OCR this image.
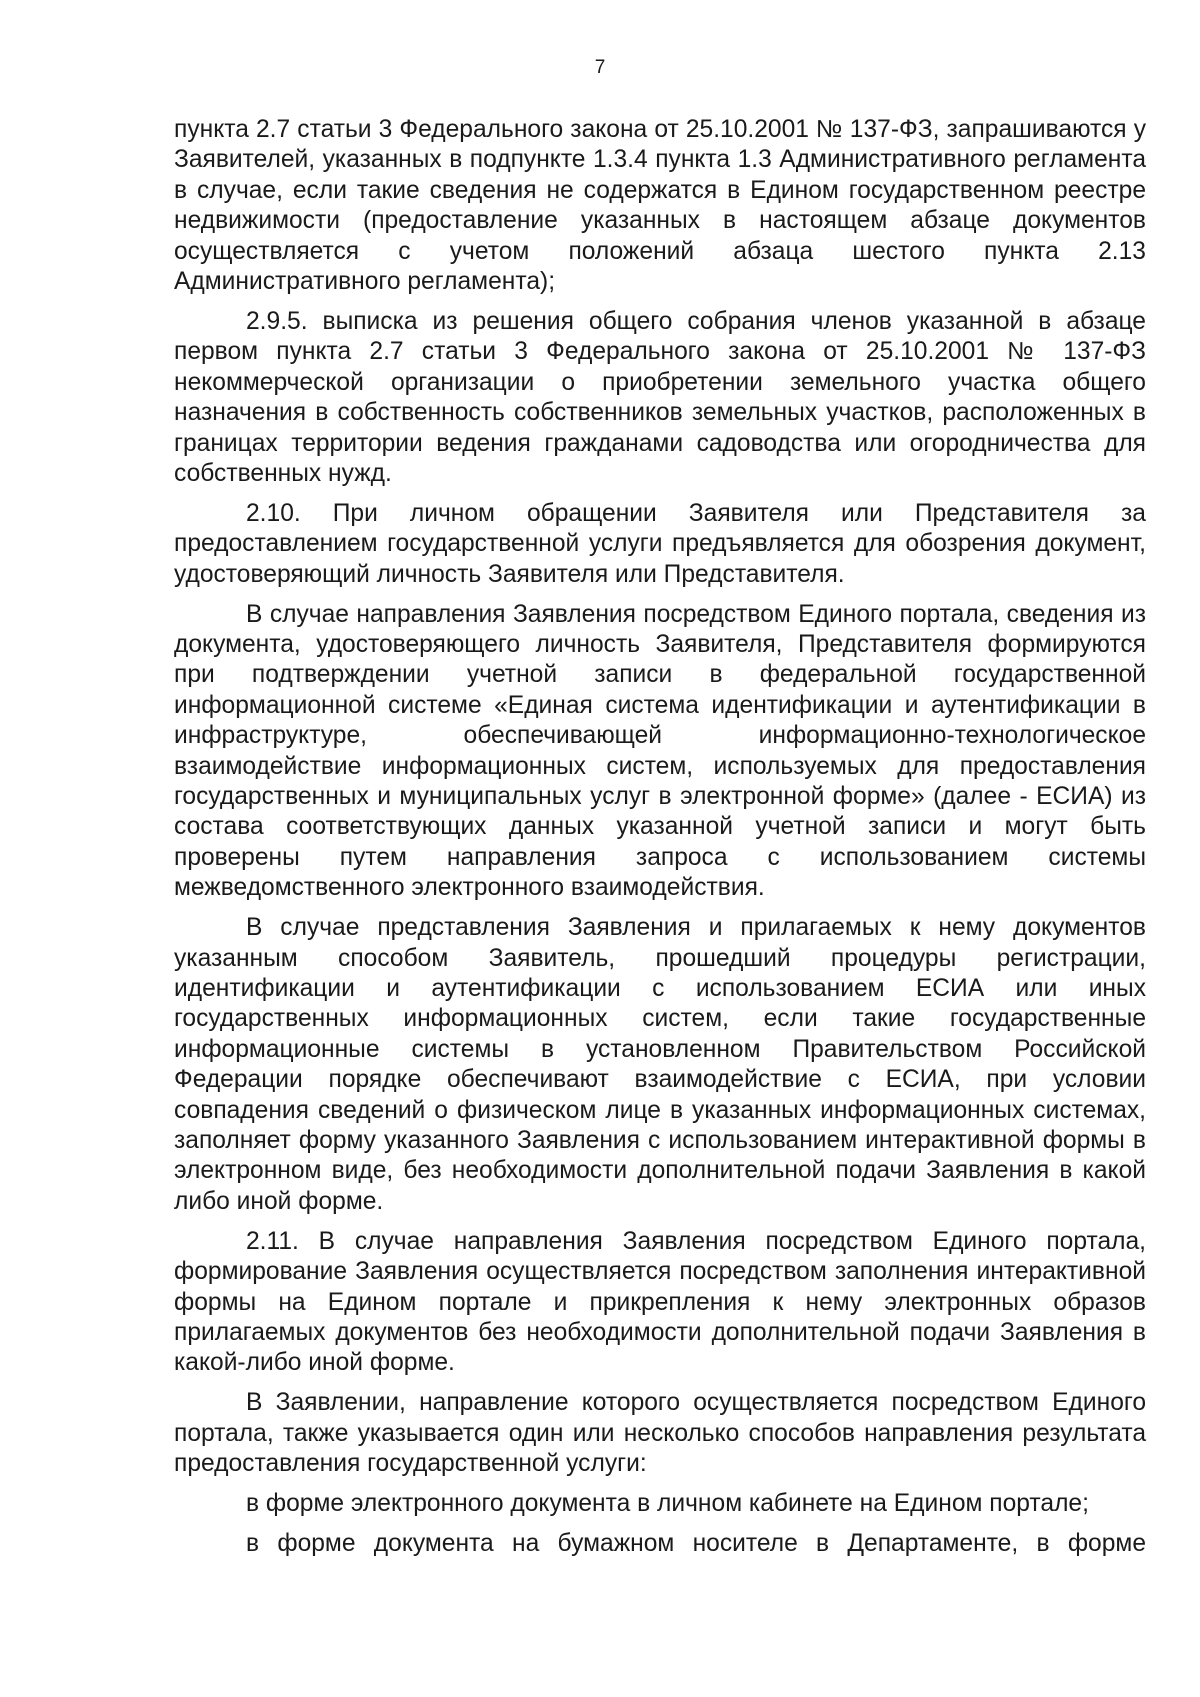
7

пункта 2.7 статьи 3 Федерального закона от 25.10.2001 № 137-ФЗ, запрашиваются у Заявителей, указанных в подпункте 1.3.4 пункта 1.3 Административного регламента в случае, если такие сведения не содержатся в Едином государственном реестре недвижимости (предоставление указанных в настоящем абзаце документов осуществляется с учетом положений абзаца шестого пункта 2.13 Административного регламента);

2.9.5. выписка из решения общего собрания членов указанной в абзаце первом пункта 2.7 статьи 3 Федерального закона от 25.10.2001 № 137-ФЗ некоммерческой организации о приобретении земельного участка общего назначения в собственность собственников земельных участков, расположенных в границах территории ведения гражданами садоводства или огородничества для собственных нужд.

2.10. При личном обращении Заявителя или Представителя за предоставлением государственной услуги предъявляется для обозрения документ, удостоверяющий личность Заявителя или Представителя.

В случае направления Заявления посредством Единого портала, сведения из документа, удостоверяющего личность Заявителя, Представителя формируются при подтверждении учетной записи в федеральной государственной информационной системе «Единая система идентификации и аутентификации в инфраструктуре, обеспечивающей информационно-технологическое взаимодействие информационных систем, используемых для предоставления государственных и муниципальных услуг в электронной форме» (далее - ЕСИА) из состава соответствующих данных указанной учетной записи и могут быть проверены путем направления запроса с использованием системы межведомственного электронного взаимодействия.

В случае представления Заявления и прилагаемых к нему документов указанным способом Заявитель, прошедший процедуры регистрации, идентификации и аутентификации с использованием ЕСИА или иных государственных информационных систем, если такие государственные информационные системы в установленном Правительством Российской Федерации порядке обеспечивают взаимодействие с ЕСИА, при условии совпадения сведений о физическом лице в указанных информационных системах, заполняет форму указанного Заявления с использованием интерактивной формы в электронном виде, без необходимости дополнительной подачи Заявления в какой либо иной форме.

2.11. В случае направления Заявления посредством Единого портала, формирование Заявления осуществляется посредством заполнения интерактивной формы на Едином портале и прикрепления к нему электронных образов прилагаемых документов без необходимости дополнительной подачи Заявления в какой-либо иной форме.

В Заявлении, направление которого осуществляется посредством Единого портала, также указывается один или несколько способов направления результата предоставления государственной услуги:

в форме электронного документа в личном кабинете на Едином портале;

в форме документа на бумажном носителе в Департаменте, в форме
